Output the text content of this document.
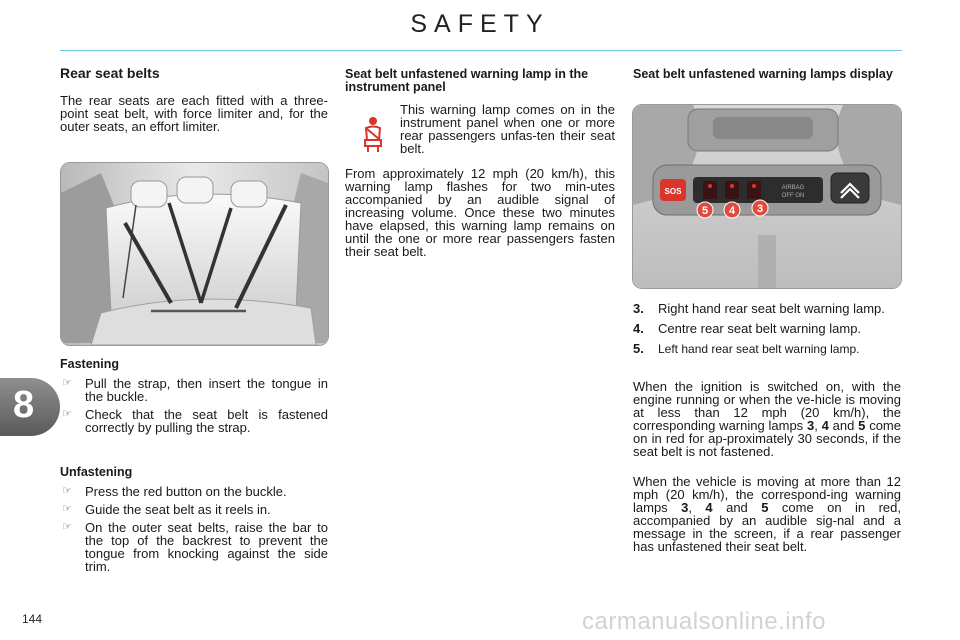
SAFETY
8
Rear seat belts

The rear seats are each fitted with a three-point seat belt, with force limiter and, for the outer seats, an effort limiter.

Fastening

☞ Pull the strap, then insert the tongue in the buckle.

☞ Check that the seat belt is fastened correctly by pulling the strap.

Unfastening

☞ Press the red button on the buckle.

☞ Guide the seat belt as it reels in.

☞ On the outer seat belts, raise the bar to the top of the backrest to prevent the tongue from knocking against the side trim.

Seat belt unfastened warning lamp in the instrument panel
This warning lamp comes on in the instrument panel when one or more rear passengers unfas-ten their seat belt.
From approximately 12 mph (20 km/h), this warning lamp flashes for two min-utes accompanied by an audible signal of increasing volume. Once these two minutes have elapsed, this warning lamp remains on until the one or more rear passengers fasten their seat belt.
Seat belt unfastened warning lamps display
SOS	AIRBAG
OFF ON
5 4 3

3. Right hand rear seat belt warning lamp.

4. Centre rear seat belt warning lamp.

5. Left hand rear seat belt warning lamp.

When the ignition is switched on, with the engine running or when the ve-hicle is moving at less than 12 mph (20 km/h), the corresponding warning lamps 3, 4 and 5 come on in red for ap-proximately 30 seconds, if the seat belt is not fastened.
When the vehicle is moving at more than 12 mph (20 km/h), the correspond-ing warning lamps 3, 4 and 5 come on in red, accompanied by an audible sig-nal and a message in the screen, if a rear passenger has unfastened their seat belt.
144	carmanualsonline.info
